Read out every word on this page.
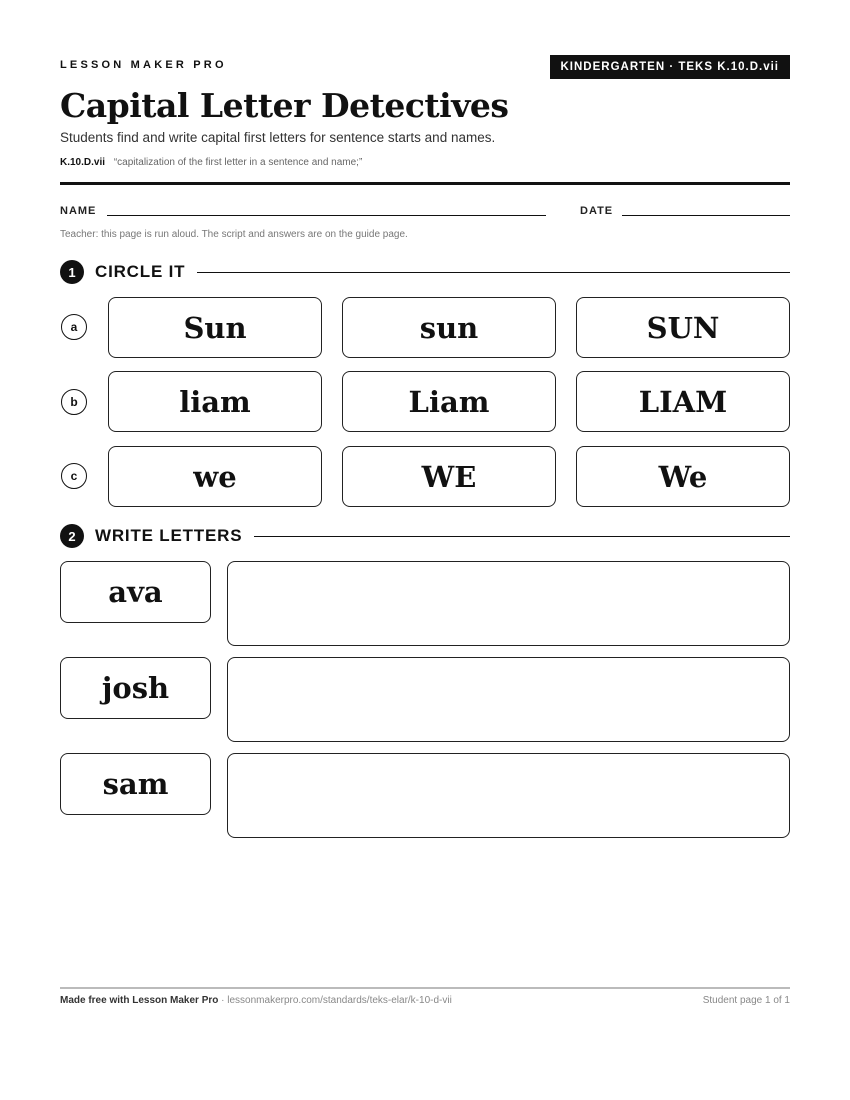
LESSON MAKER PRO	KINDERGARTEN · TEKS K.10.D.vii
Capital Letter Detectives
Students find and write capital first letters for sentence starts and names.
K.10.D.vii “capitalization of the first letter in a sentence and name;”
NAME	DATE
Teacher: this page is run aloud. The script and answers are on the guide page.
1	CIRCLE IT
a	Sun	sun	SUN
b	liam	Liam	LIAM
c	we	WE	We
2	WRITE LETTERS
ava
josh
sam
Made free with Lesson Maker Pro · lessonmakerpro.com/standards/teks-elar/k-10-d-vii	Student page 1 of 1
